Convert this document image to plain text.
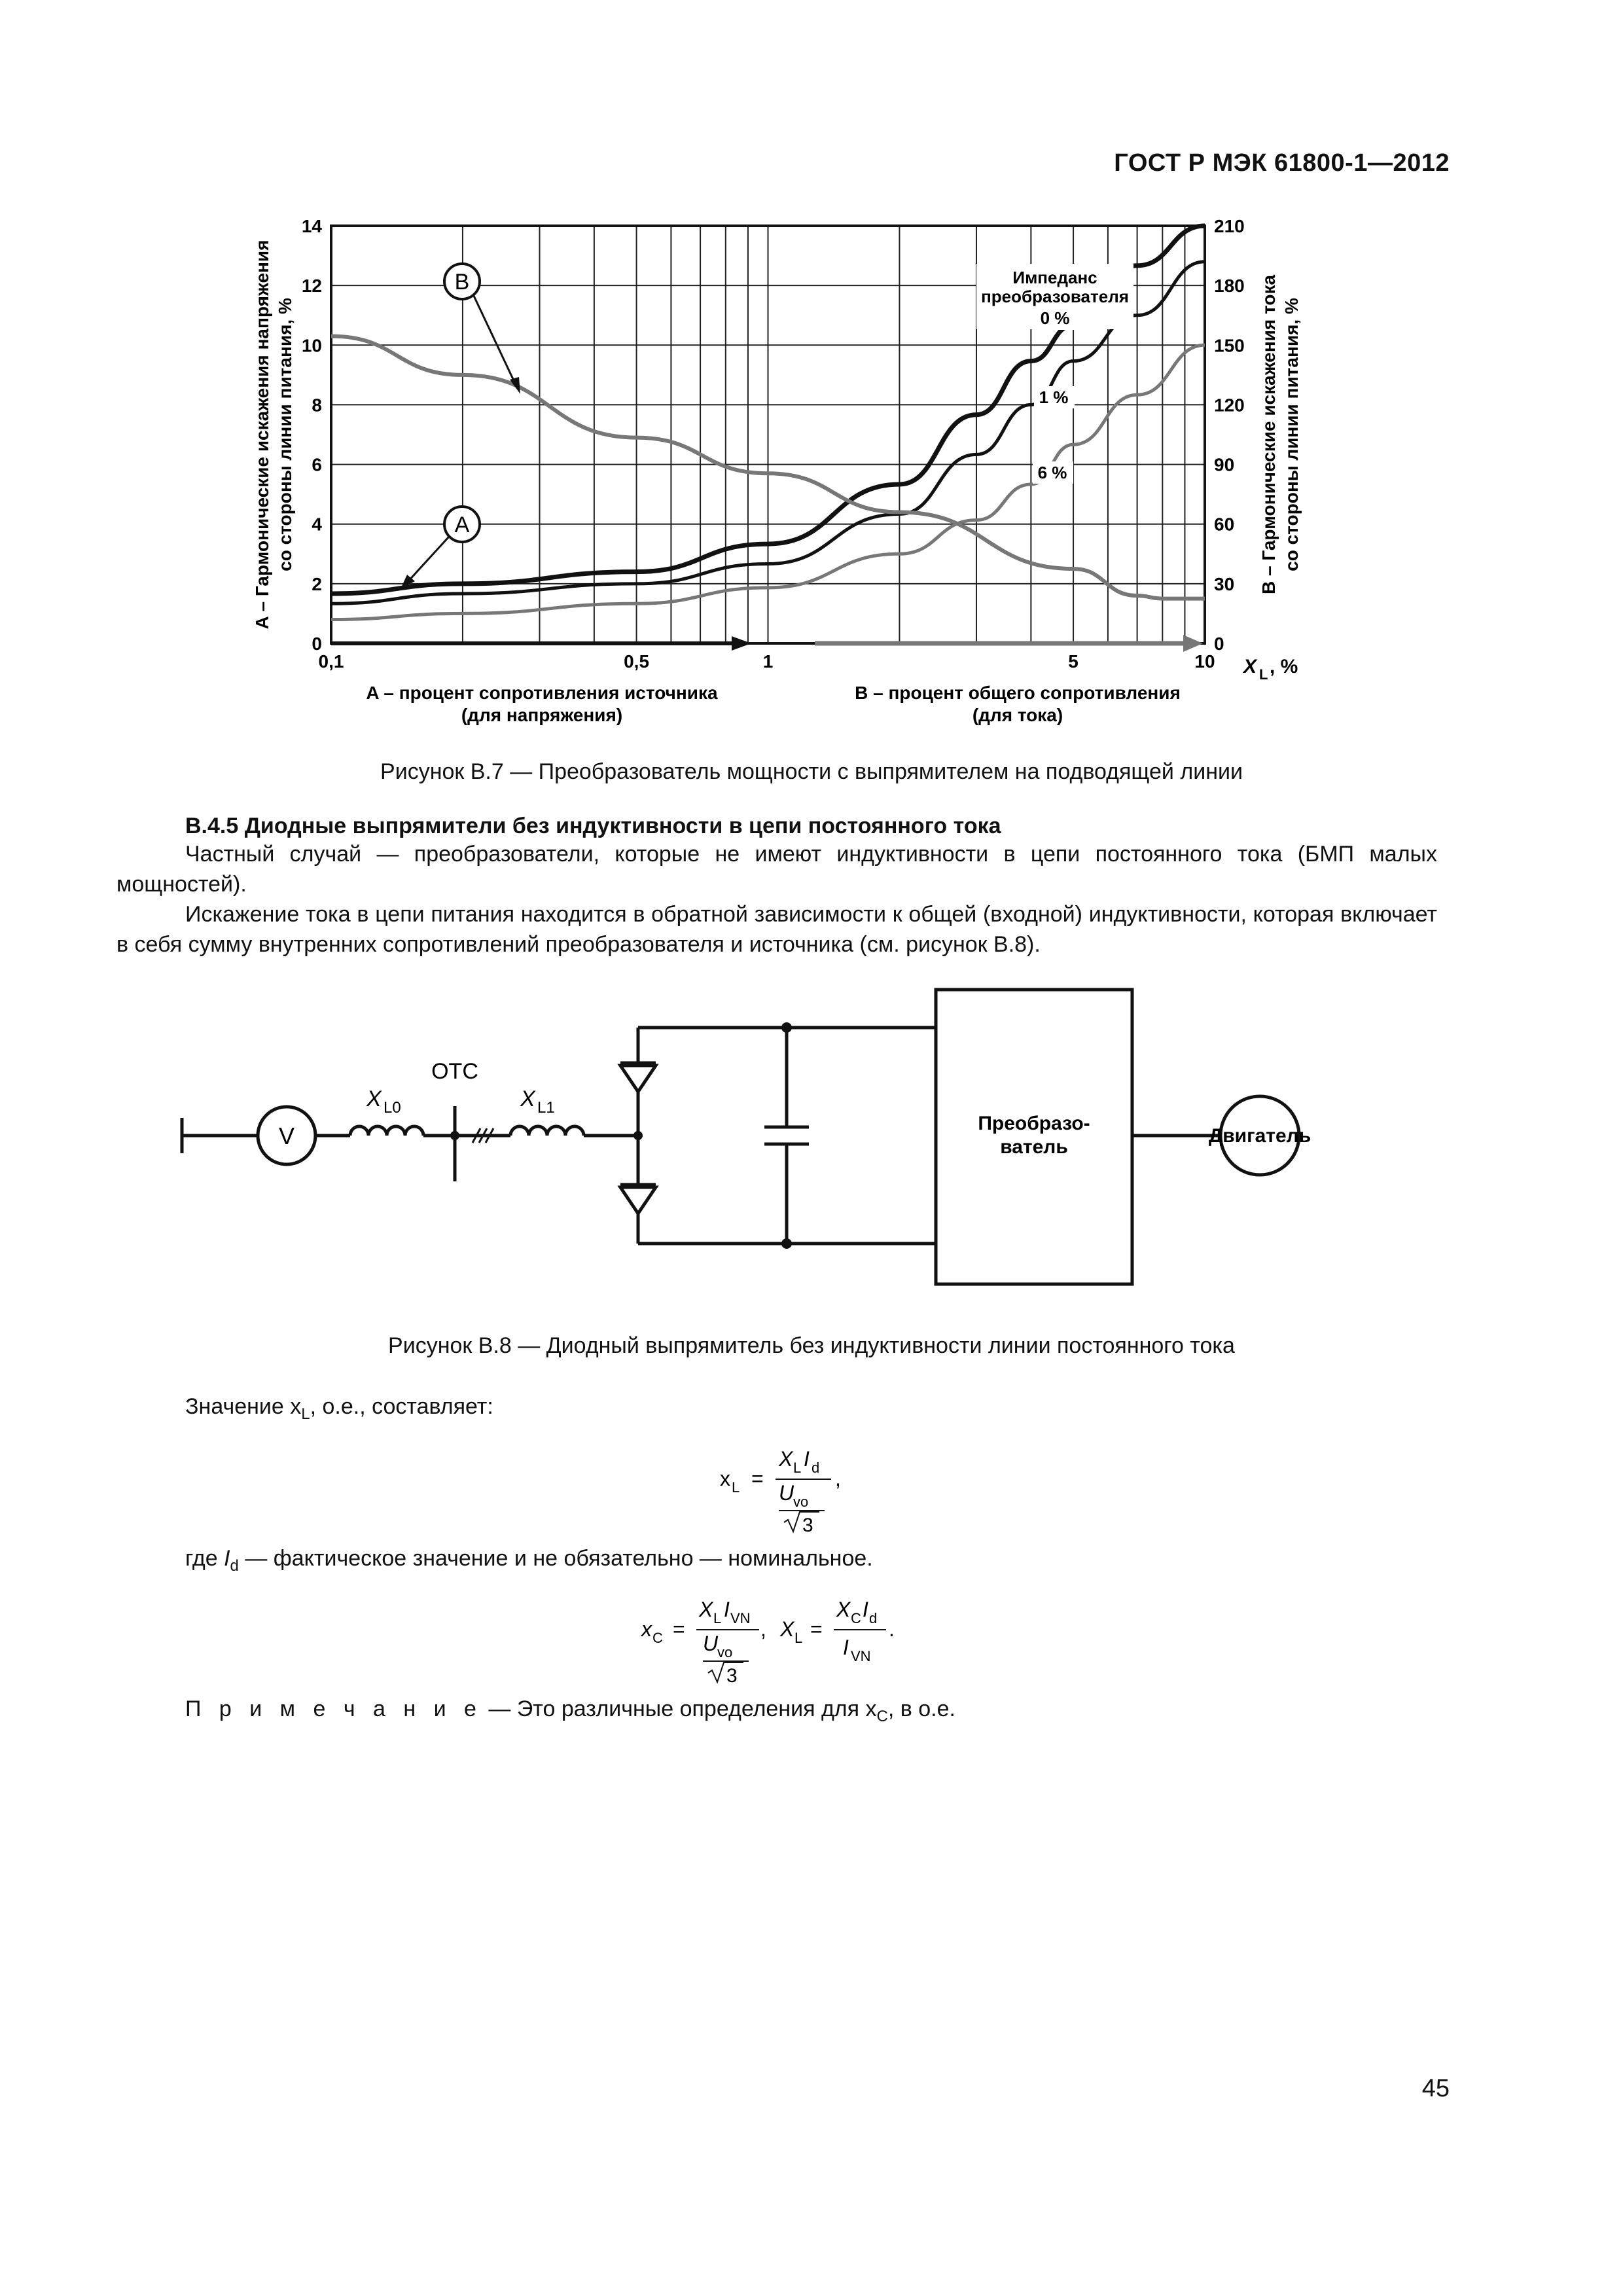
ГОСТ Р МЭК 61800-1—2012
0
2
4
6
8
10
12
14
0
30
60
90
120
150
180
210
0,1	0,5	1	5	10
A – Гармонические искажения напряжения со стороны линии питания, %	B – Гармонические искажения тока со стороны линии питания, %
X L , %
A – процент сопротивления источника
(для напряжения)
B – процент общего сопротивления
(для тока)
B
A
Импеданс
преобразователя
0 %
1 %
6 %
Рисунок В.7 — Преобразователь мощности с выпрямителем на подводящей линии
В.4.5 Диодные выпрямители без индуктивности в цепи постоянного тока
Частный случай — преобразователи, которые не имеют индуктивности в цепи постоянного тока (БМП малых мощностей).
Искажение тока в цепи питания находится в обратной зависимости к общей (входной) индуктивности, которая включает в себя сумму внутренних сопротивлений преобразователя и источника (см. рисунок В.8).
V
X L0
OTC
X L1
Преобразо-
ватель
Двигатель
Рисунок В.8 — Диодный выпрямитель без индуктивности линии постоянного тока
Значение $x_L$, о.е., составляет:
x L =
X L I d
U
vo
3
,
где $I_d$ — фактическое значение и не обязательно — номинальное.
x C =
X L I VN
U
vo
3
, X L =
X C I d
I VN
.
П р и м е ч а н и е — Это различные определения для $x_C$, в о.е.
45
